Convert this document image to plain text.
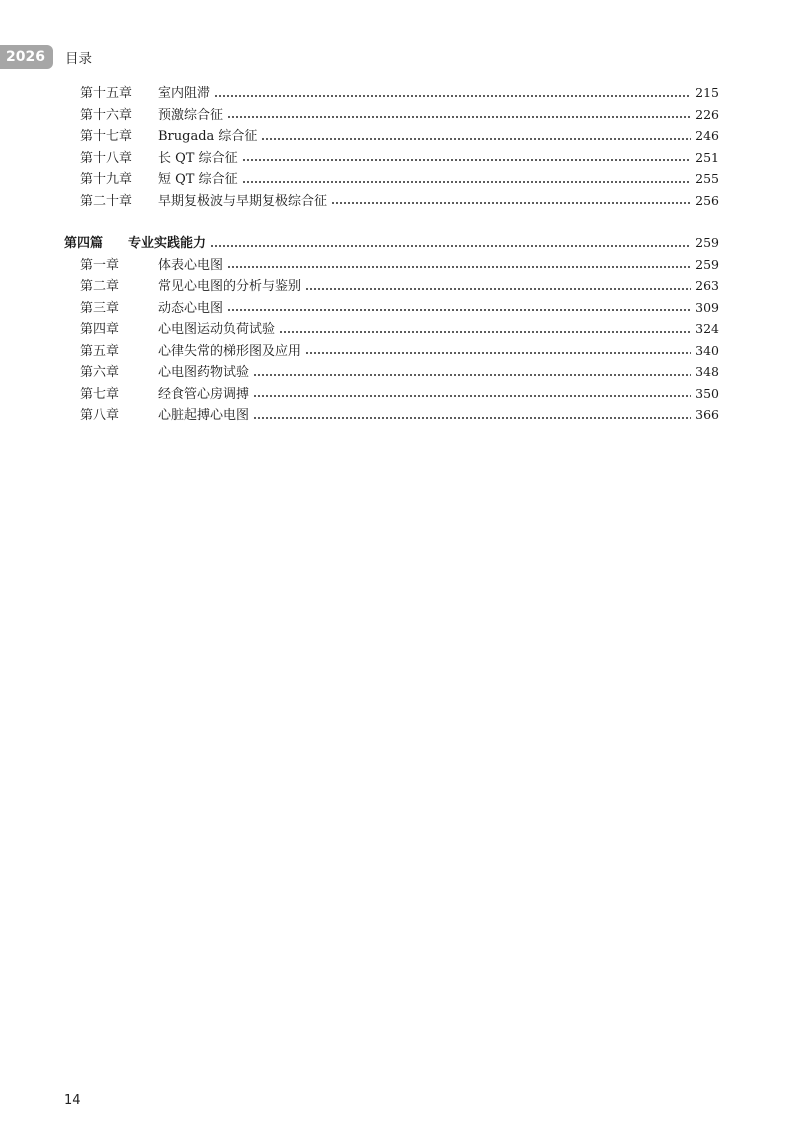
2026	目录
第十五章	室内阻滞	215
第十六章	预激综合征	226
第十七章	Brugada 综合征	246
第十八章	长 QT 综合征	251
第十九章	短 QT 综合征	255
第二十章	早期复极波与早期复极综合征	256
第四篇	专业实践能力	259
第一章	体表心电图	259
第二章	常见心电图的分析与鉴别	263
第三章	动态心电图	309
第四章	心电图运动负荷试验	324
第五章	心律失常的梯形图及应用	340
第六章	心电图药物试验	348
第七章	经食管心房调搏	350
第八章	心脏起搏心电图	366
14
